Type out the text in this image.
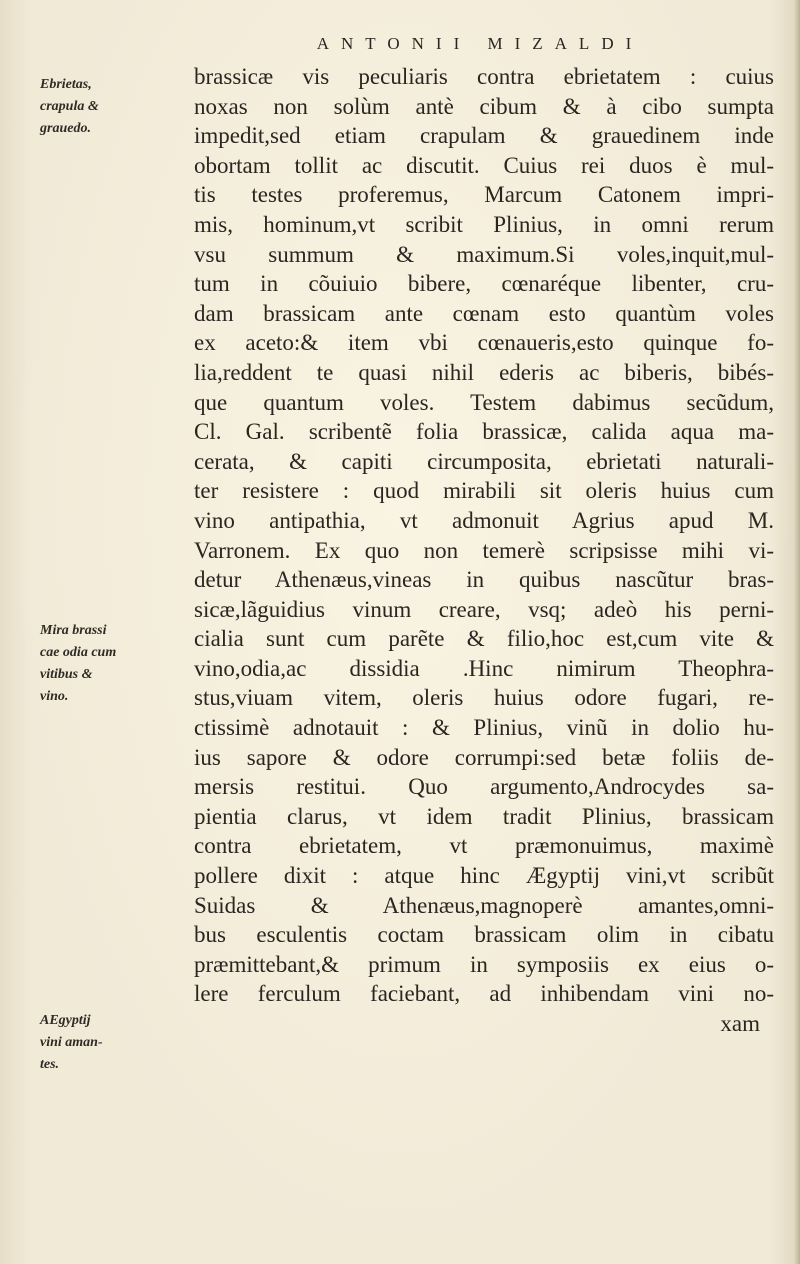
ANTONII MIZALDI
Ebrietas,
crapula &
grauedo.
Mira brassi
cae odia cum
vitibus &
vino.
AEgyptij
vini aman-
tes.
brassicæ vis peculiaris contra ebrietatem : cuius
noxas non solùm antè cibum & à cibo sumpta
impedit,sed etiam crapulam & grauedinem inde
obortam tollit ac discutit. Cuius rei duos è mul-
tis testes proferemus, Marcum Catonem impri-
mis, hominum,vt scribit Plinius, in omni rerum
vsu summum & maximum.Si voles,inquit,mul-
tum in cõuiuio bibere, cœnaréque libenter, cru-
dam brassicam ante cœnam esto quantùm voles
ex aceto:& item vbi cœnaueris,esto quinque fo-
lia,reddent te quasi nihil ederis ac biberis, bibés-
que quantum voles. Testem dabimus secũdum,
Cl. Gal. scribentẽ folia brassicæ, calida aqua ma-
cerata, & capiti circumposita, ebrietati naturali-
ter resistere : quod mirabili sit oleris huius cum
vino antipathia, vt admonuit Agrius apud M.
Varronem. Ex quo non temerè scripsisse mihi vi-
detur Athenæus,vineas in quibus nascũtur bras-
sicæ,lãguidius vinum creare, vsq; adeò his perni-
cialia sunt cum parẽte & filio,hoc est,cum vite &
vino,odia,ac dissidia .Hinc nimirum Theophra-
stus,viuam vitem, oleris huius odore fugari, re-
ctissimè adnotauit : & Plinius, vinũ in dolio hu-
ius sapore & odore corrumpi:sed betæ foliis de-
mersis restitui. Quo argumento,Androcydes sa-
pientia clarus, vt idem tradit Plinius, brassicam
contra ebrietatem, vt præmonuimus, maximè
pollere dixit : atque hinc Ægyptij vini,vt scribũt
Suidas & Athenæus,magnoperè amantes,omni-
bus esculentis coctam brassicam olim in cibatu
præmittebant,& primum in symposiis ex eius o-
lere ferculum faciebant, ad inhibendam vini no-
xam
